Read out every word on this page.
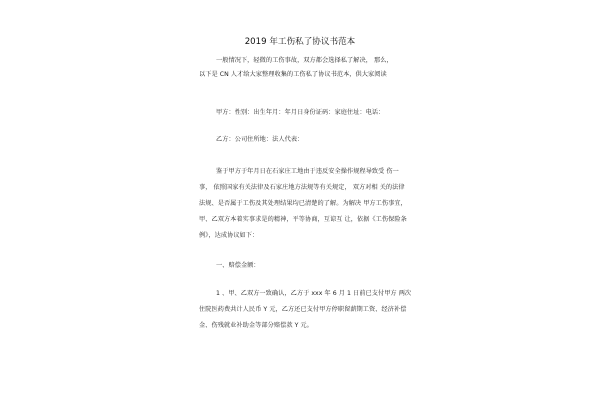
2019 年工伤私了协议书范本
一般情况下，轻微的工伤事故，双方都会选择私了解决， 那么，
以下是 CN 人才给大家整理收集的工伤私了协议书范本，供大家阅读
甲方：性别：出生年月：年月日身份证码：家庭住址：电话：
乙方：公司住所地：法人代表：
鉴于甲方于年月日在石家庄工地由于违反安全操作规程导致受 伤一
事， 依照国家有关法律及石家庄地方法规等有关规定， 双方对相 关的法律
法规、是否属于工伤及其处理结果均已清楚的了解。为解决 甲方工伤事宜，
甲、乙双方本着实事求是的精神，平等协商，互谅互 让，依据《工伤保险条
例》，达成协议如下：
一、赔偿金额：
1 、甲、乙双方一致确认，乙方于 xxx 年 6 月 1 日前已支付甲方 两次
住院医药费共计人民币 Y 元，乙方还已支付甲方停职留薪期工资、经济补偿
金、伤残就业补助金等部分赔偿款 Y 元。
